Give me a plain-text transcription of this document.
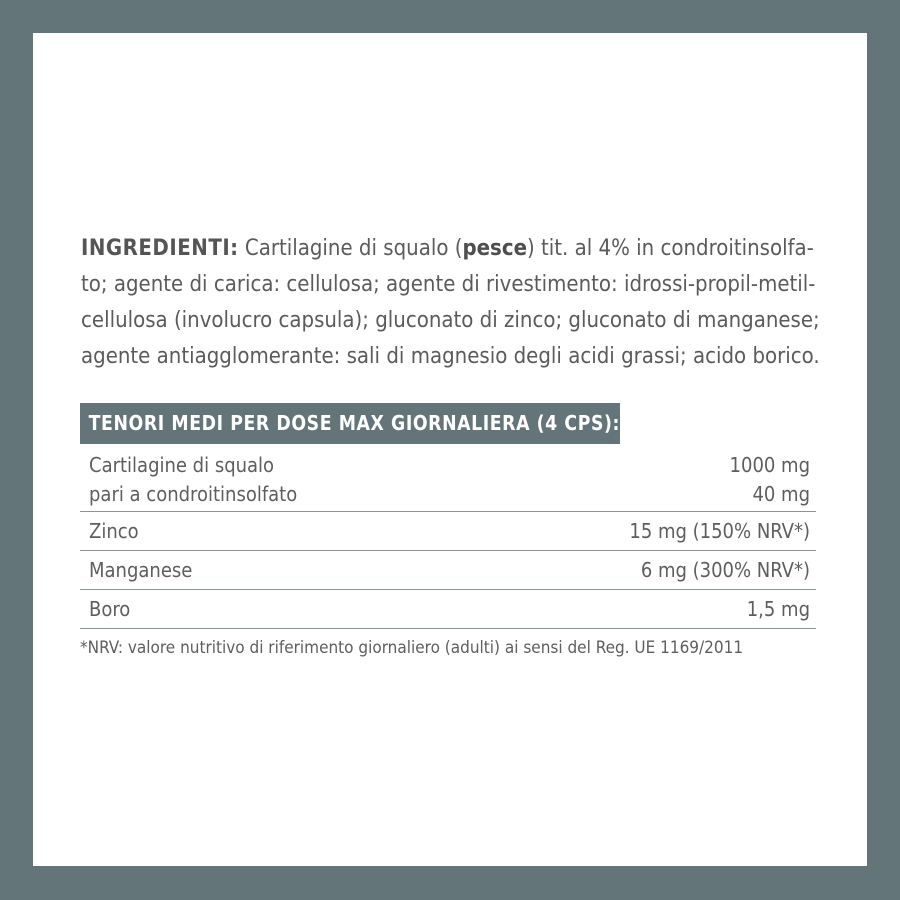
INGREDIENTI: Cartilagine di squalo (pesce) tit. al 4% in condroitinsolfa-
to; agente di carica: cellulosa; agente di rivestimento: idrossi-propil-metil-
cellulosa (involucro capsula); gluconato di zinco; gluconato di manganese;
agente antiagglomerante: sali di magnesio degli acidi grassi; acido borico.
TENORI MEDI PER DOSE MAX GIORNALIERA (4 CPS):
Cartilagine di squalo	1000 mg
pari a condroitinsolfato	40 mg
Zinco	15 mg (150% NRV*)
Manganese	6 mg (300% NRV*)
Boro	1,5 mg
*NRV: valore nutritivo di riferimento giornaliero (adulti) ai sensi del Reg. UE 1169/2011
